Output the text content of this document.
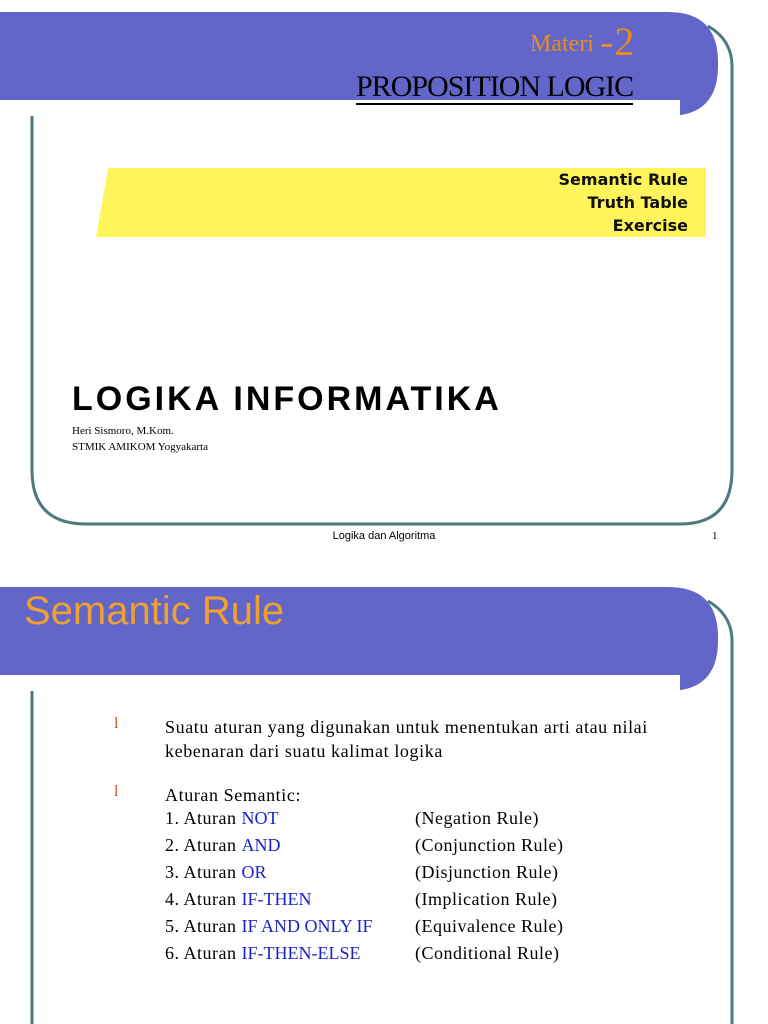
Materi -2
PROPOSITION LOGIC
Semantic Rule
Truth Table
Exercise
LOGIKA INFORMATIKA
Heri Sismoro, M.Kom.
STMIK AMIKOM Yogyakarta
Logika dan Algoritma	1
Semantic Rule
l	Suatu aturan yang digunakan untuk menentukan arti atau nilai kebenaran dari suatu kalimat logika
l	Aturan Semantic:
1. Aturan NOT	(Negation Rule)
2. Aturan AND	(Conjunction Rule)
3. Aturan OR	(Disjunction Rule)
4. Aturan IF-THEN	(Implication Rule)
5. Aturan IF AND ONLY IF (Equivalence Rule)
6. Aturan IF-THEN-ELSE	(Conditional Rule)
